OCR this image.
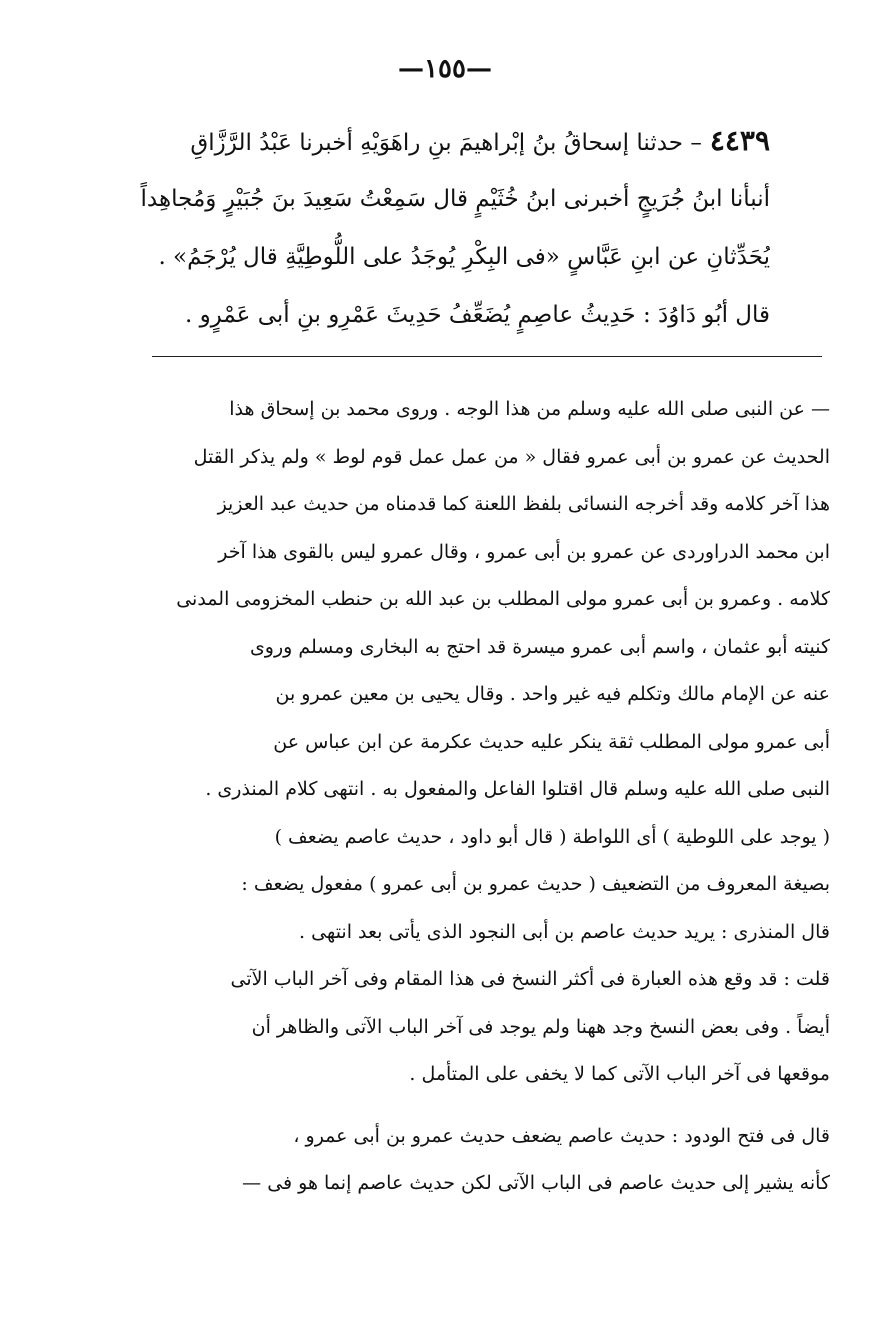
—١٥٥—
٤٤٣٩– حدثنا إسحاقُ بنُ إبْراهيمَ بنِ راهَوَيْهِ أخبرنا عَبْدُ الرَّزَّاقِ
أنبأنا ابنُ جُرَيجٍ أخبرنى ابنُ خُثَيْمٍ قال سَمِعْتُ سَعِيدَ بنَ جُبَيْرٍ وَمُجاهِداً
يُحَدِّثانِ عن ابنِ عَبَّاسٍ «فى البِكْرِ يُوجَدُ على اللُّوطِيَّةِ قال يُرْجَمُ» .
قال أبُو دَاوُدَ : حَدِيثُ عاصِمٍ يُضَعِّفُ حَدِيثَ عَمْرِو بنِ أبى عَمْرٍو .
— عن النبى صلى الله عليه وسلم من هذا الوجه . وروى محمد بن إسحاق هذا
الحديث عن عمرو بن أبى عمرو فقال « من عمل عمل قوم لوط » ولم يذكر القتل
هذا آخر كلامه وقد أخرجه النسائى بلفظ اللعنة كما قدمناه من حديث عبد العزيز
ابن محمد الدراوردى عن عمرو بن أبى عمرو ، وقال عمرو ليس بالقوى هذا آخر
كلامه . وعمرو بن أبى عمرو مولى المطلب بن عبد الله بن حنطب المخزومى المدنى
كنيته أبو عثمان ، واسم أبى عمرو ميسرة قد احتج به البخارى ومسلم وروى
عنه عن الإمام مالك وتكلم فيه غير واحد . وقال يحيى بن معين عمرو بن
أبى عمرو مولى المطلب ثقة ينكر عليه حديث عكرمة عن ابن عباس عن
النبى صلى الله عليه وسلم قال اقتلوا الفاعل والمفعول به . انتهى كلام المنذرى .
( يوجد على اللوطية ) أى اللواطة ( قال أبو داود ، حديث عاصم يضعف )
بصيغة المعروف من التضعيف ( حديث عمرو بن أبى عمرو ) مفعول يضعف :
قال المنذرى : يريد حديث عاصم بن أبى النجود الذى يأتى بعد انتهى .
قلت : قد وقع هذه العبارة فى أكثر النسخ فى هذا المقام وفى آخر الباب الآتى
أيضاً . وفى بعض النسخ وجد ههنا ولم يوجد فى آخر الباب الآتى والظاهر أن
موقعها فى آخر الباب الآتى كما لا يخفى على المتأمل .
قال فى فتح الودود : حديث عاصم يضعف حديث عمرو بن أبى عمرو ،
كأنه يشير إلى حديث عاصم فى الباب الآتى لكن حديث عاصم إنما هو فى —
